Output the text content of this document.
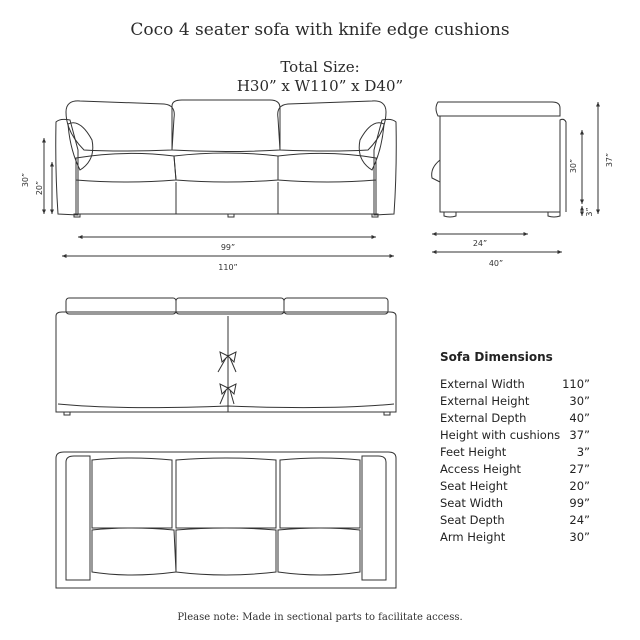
Coco 4 seater sofa with knife edge cushions
Total Size:
H30” x W110” x D40”
30”
20”
99”
110”
37”
30”
3”
24”
40”
Sofa Dimensions
External Width	110”
External Height	30”
External Depth	40”
Height with cushions 37”
Feet Height	3”
Access Height	27”
Seat Height	20”
Seat Width	99”
Seat Depth	24”
Arm Height	30”
Please note: Made in sectional parts to facilitate access.
